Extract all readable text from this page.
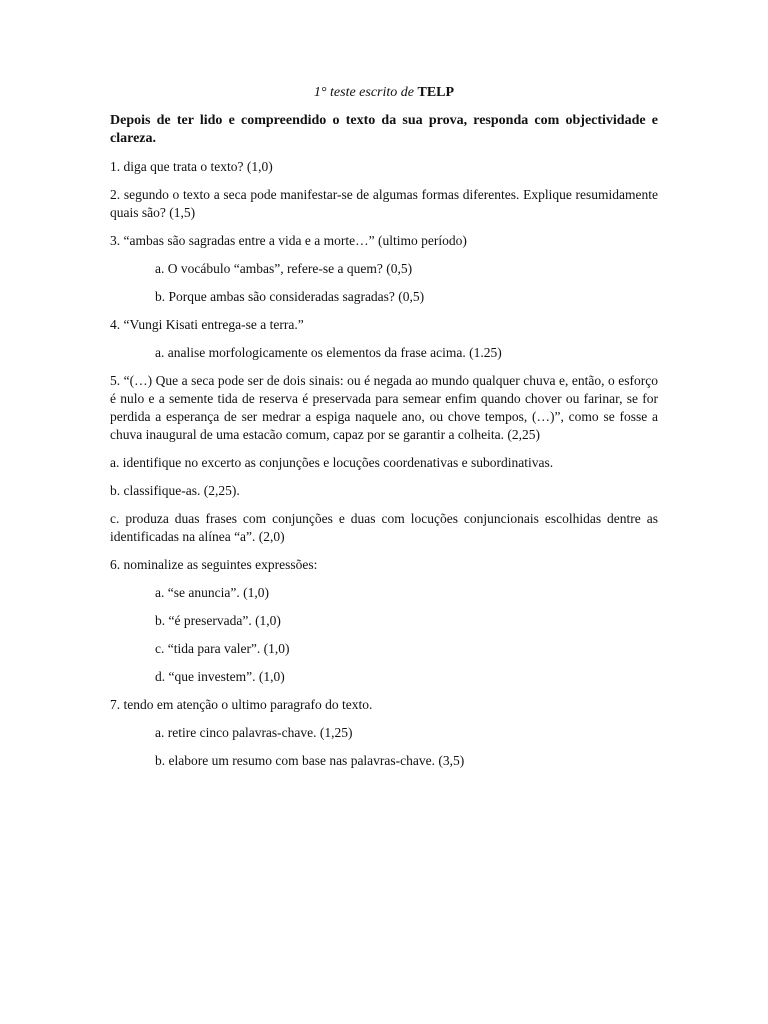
1° teste escrito de TELP

Depois de ter lido e compreendido o texto da sua prova, responda com objectividade e clareza.

1. diga que trata o texto? (1,0)

2. segundo o texto a seca pode manifestar-se de algumas formas diferentes. Explique resumidamente quais são? (1,5)

3. “ambas são sagradas entre a vida e a morte…” (ultimo período)

a. O vocábulo “ambas”, refere-se a quem? (0,5)

b. Porque ambas são consideradas sagradas? (0,5)

4. “Vungi Kisati entrega-se a terra.”

a. analise morfologicamente os elementos da frase acima. (1.25)

5. “(…) Que a seca pode ser de dois sinais: ou é negada ao mundo qualquer chuva e, então, o esforço é nulo e a semente tida de reserva é preservada para semear enfim quando chover ou farinar, se for perdida a esperança de ser medrar a espiga naquele ano, ou chove tempos, (…)”, como se fosse a chuva inaugural de uma estacão comum, capaz por se garantir a colheita. (2,25)

a. identifique no excerto as conjunções e locuções coordenativas e subordinativas.

b. classifique-as. (2,25).

c. produza duas frases com conjunções e duas com locuções conjuncionais escolhidas dentre as identificadas na alínea “a”. (2,0)

6. nominalize as seguintes expressões:

a. “se anuncia”. (1,0)

b. “é preservada”. (1,0)

c. “tida para valer”. (1,0)

d. “que investem”. (1,0)

7. tendo em atenção o ultimo paragrafo do texto.

a. retire cinco palavras-chave. (1,25)

b. elabore um resumo com base nas palavras-chave. (3,5)
